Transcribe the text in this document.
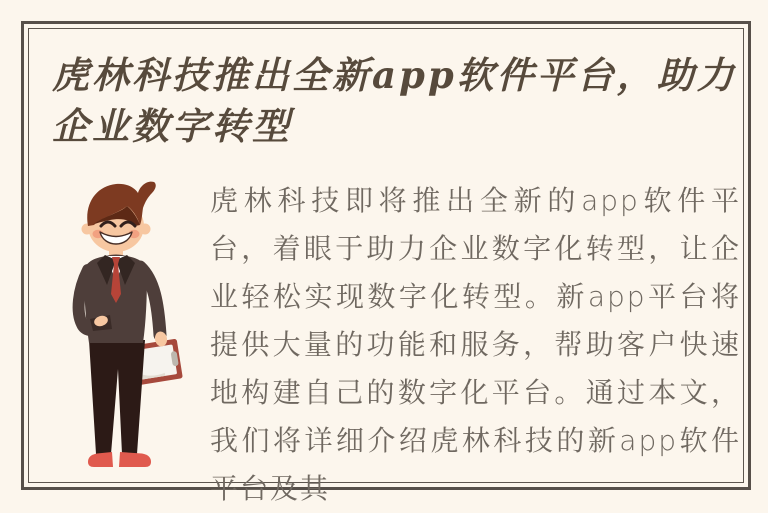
虎林科技推出全新app软件平台，助力企业数字转型

虎林科技即将推出全新的app软件平台，着眼于助力企业数字化转型，让企业轻松实现数字化转型。新app平台将提供大量的功能和服务，帮助客户快速地构建自己的数字化平台。通过本文，我们将详细介绍虎林科技的新app软件平台及其
